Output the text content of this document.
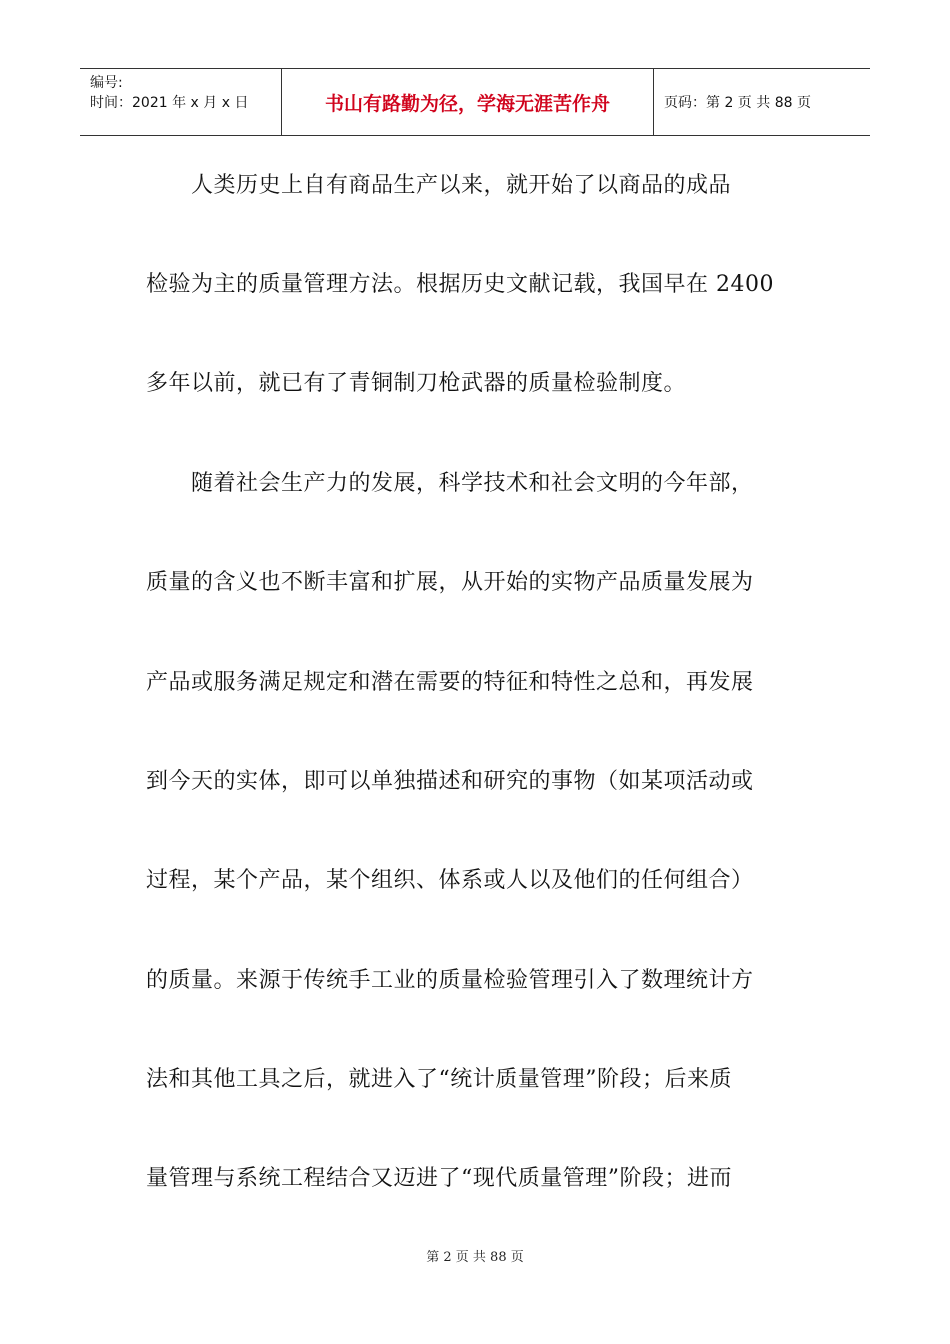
编号:
时间：2021 年 x 月 x 日	书山有路勤为径，学海无涯苦作舟	页码：第 2 页 共 88 页
　　人类历史上自有商品生产以来，就开始了以商品的成品
检验为主的质量管理方法。根据历史文献记载，我国早在 2400
多年以前，就已有了青铜制刀枪武器的质量检验制度。
　　随着社会生产力的发展，科学技术和社会文明的今年部，
质量的含义也不断丰富和扩展，从开始的实物产品质量发展为
产品或服务满足规定和潜在需要的特征和特性之总和，再发展
到今天的实体，即可以单独描述和研究的事物（如某项活动或
过程，某个产品，某个组织、体系或人以及他们的任何组合）
的质量。来源于传统手工业的质量检验管理引入了数理统计方
法和其他工具之后，就进入了“统计质量管理”阶段；后来质
量管理与系统工程结合又迈进了“现代质量管理”阶段；进而
第 2 页 共 88 页
